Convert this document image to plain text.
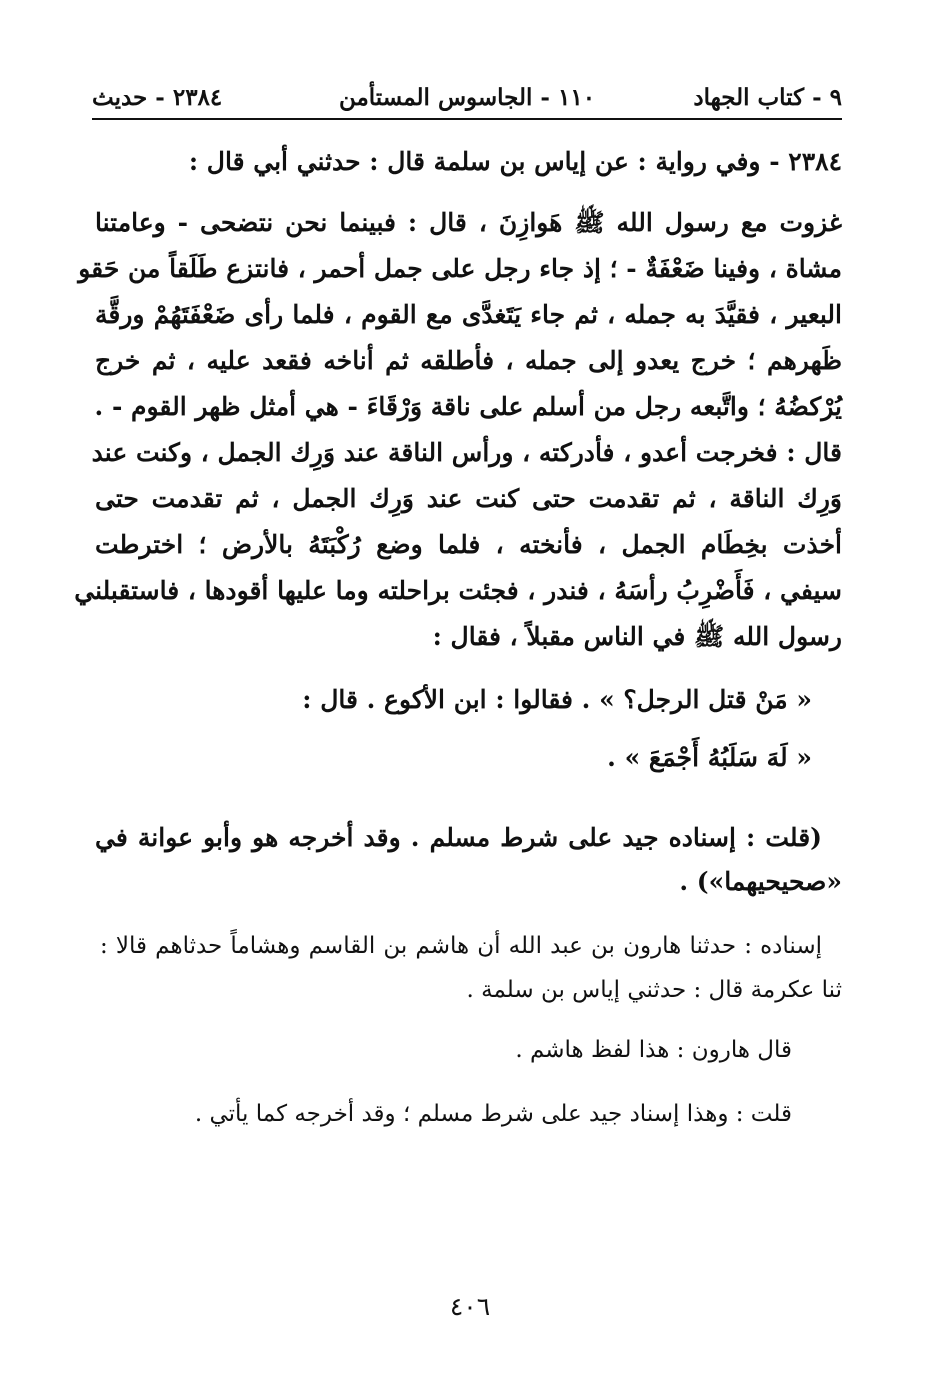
٩ - كتاب الجهاد
١١٠ - الجاسوس المستأمن
٢٣٨٤ - حديث
٢٣٨٤ - وفي رواية : عن إياس بن سلمة قال : حدثني أبي قال :
غزوت مع رسول الله ﷺ هَوازِنَ ، قال : فبينما نحن نتضحى - وعامتنا
مشاة ، وفينا ضَعْفَةٌ - ؛ إذ جاء رجل على جمل أحمر ، فانتزع طَلَقاً من حَقو
البعير ، فقيَّدَ به جمله ، ثم جاء يَتَغدَّى مع القوم ، فلما رأى ضَعْفَتَهُمْ ورقَّة
ظَهرهم ؛ خرج يعدو إلى جمله ، فأطلقه ثم أناخه فقعد عليه ، ثم خرج
يُرْكضُهُ ؛ واتَّبعه رجل من أسلم على ناقة وَرْقَاءَ - هي أمثل ظهر القوم - .
قال : فخرجت أعدو ، فأدركته ، ورأس الناقة عند وَرِك الجمل ، وكنت عند
وَرِك الناقة ، ثم تقدمت حتى كنت عند وَرِك الجمل ، ثم تقدمت حتى
أخذت بخِطَام الجمل ، فأنخته ، فلما وضع رُكْبَتَهُ بالأرض ؛ اخترطت
سيفي ، فَأَضْرِبُ رأسَهُ ، فندر ، فجئت براحلته وما عليها أقودها ، فاستقبلني
رسول الله ﷺ في الناس مقبلاً ، فقال :
« مَنْ قتل الرجل؟ » . فقالوا : ابن الأكوع . قال :
« لَهَ سَلَبُهُ أَجْمَعَ » .
(قلت : إسناده جيد على شرط مسلم . وقد أخرجه هو وأبو عوانة في
«صحيحيهما») .
إسناده : حدثنا هارون بن عبد الله أن هاشم بن القاسم وهشاماً حدثاهم قالا :
ثنا عكرمة قال : حدثني إياس بن سلمة .
قال هارون : هذا لفظ هاشم .
قلت : وهذا إسناد جيد على شرط مسلم ؛ وقد أخرجه كما يأتي .
٤٠٦
